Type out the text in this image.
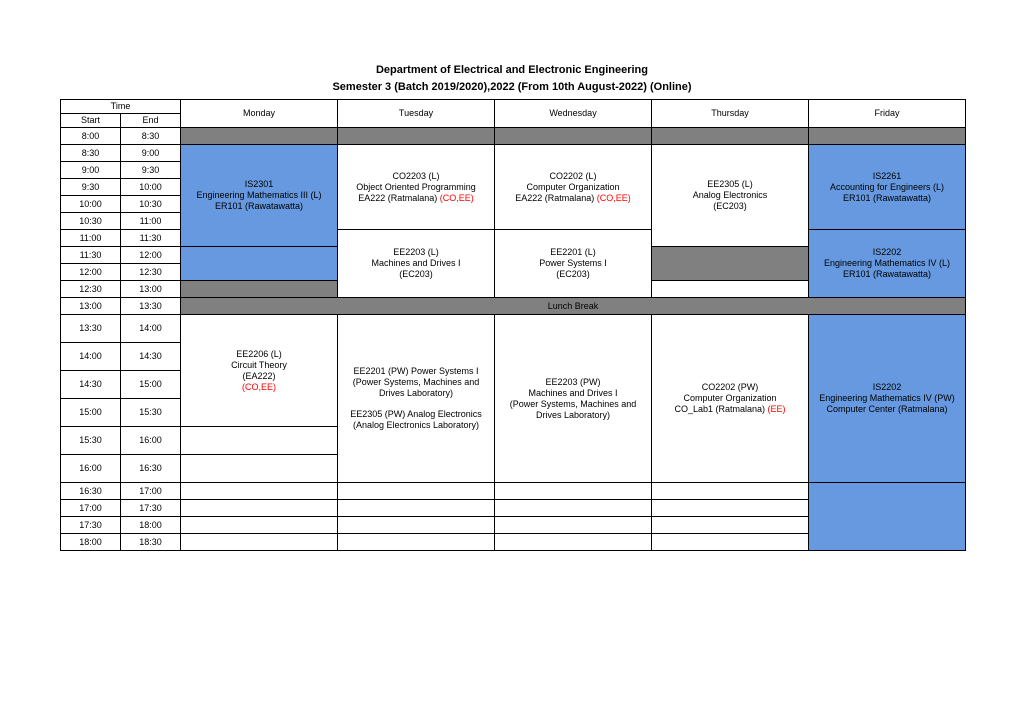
Department of Electrical and Electronic Engineering
Semester 3 (Batch 2019/2020),2022 (From 10th August-2022) (Online)
Time		Monday	Tuesday	Wednesday	Thursday	Friday
Start	End					
8:00	8:30					
8:30	9:00	IS2301
Engineering Mathematics III (L)
ER101 (Rawatawatta)	CO2203 (L)
Object Oriented Programming
EA222 (Ratmalana) (CO,EE)	CO2202 (L)
Computer Organization
EA222 (Ratmalana) (CO,EE)	EE2305 (L)
Analog Electronics
(EC203)	IS2261
Accounting for Engineers (L)
ER101 (Rawatawatta)

9:00	9:30					
9:30	10:00					
10:00	10:30					
10:30	11:00					
11:00	11:30		EE2203 (L)
Machines and Drives I
(EC203)	EE2201 (L)
Power Systems I
(EC203)		IS2202
Engineering Mathematics IV (L)
ER101 (Rawatawatta)

11:30	12:00					
12:00	12:30					
12:30	13:00					
13:00	13:30	Lunch Break				
13:30	14:00	EE2206 (L)
Circuit Theory
(EA222)
(CO,EE)	EE2201 (PW) Power Systems I
(Power Systems, Machines and
Drives Laboratory)

EE2305 (PW) Analog Electronics
(Analog Electronics Laboratory)	EE2203 (PW)
Machines and Drives I
(Power Systems, Machines and
Drives Laboratory)	CO2202 (PW)
Computer Organization
CO_Lab1 (Ratmalana) (EE)	IS2202
Engineering Mathematics IV (PW)
Computer Center (Ratmalana)

14:00	14:30					
14:30	15:00					
15:00	15:30					
15:30	16:00					
16:00	16:30					
16:30	17:00					
17:00	17:30					
17:30	18:00					
18:00	18:30					
